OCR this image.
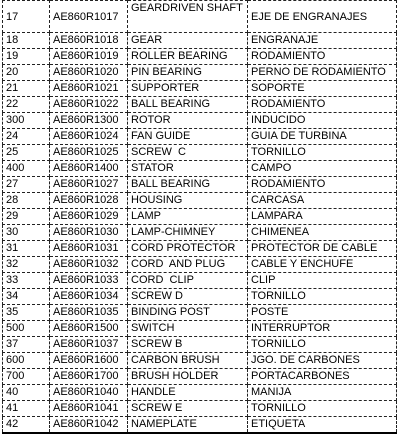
17	AE860R1017	GEARDRIVEN SHAFT	EJE DE ENGRANAJES
18	AE860R1018	GEAR	ENGRANAJE
19	AE860R1019	ROLLER BEARING	RODAMIENTO
20	AE860R1020	PIN BEARING	PERNO DE RODAMIENTO
21	AE860R1021	SUPPORTER	SOPORTE
22	AE860R1022	BALL BEARING	RODAMIENTO
300	AE860R1300	ROTOR	INDUCIDO
24	AE860R1024	FAN GUIDE	GUIA DE TURBINA
25	AE860R1025	SCREW  C	TORNILLO
400	AE860R1400	STATOR	CAMPO
27	AE860R1027	BALL BEARING	RODAMIENTO
28	AE860R1028	HOUSING	CARCASA
29	AE860R1029	LAMP	LAMPARA
30	AE860R1030	LAMP-CHIMNEY	CHIMENEA
31	AE860R1031	CORD PROTECTOR	PROTECTOR DE CABLE
32	AE860R1032	CORD  AND PLUG	CABLE Y ENCHUFE
33	AE860R1033	CORD  CLIP	CLIP
34	AE860R1034	SCREW D	TORNILLO
35	AE860R1035	BINDING POST	POSTE
500	AE860R1500	SWITCH	INTERRUPTOR
37	AE860R1037	SCREW B	TORNILLO
600	AE860R1600	CARBON BRUSH	JGO. DE CARBONES
700	AE860R1700	BRUSH HOLDER	PORTACARBONES
40	AE860R1040	HANDLE	MANIJA
41	AE860R1041	SCREW E	TORNILLO
42	AE860R1042	NAMEPLATE	ETIQUETA
